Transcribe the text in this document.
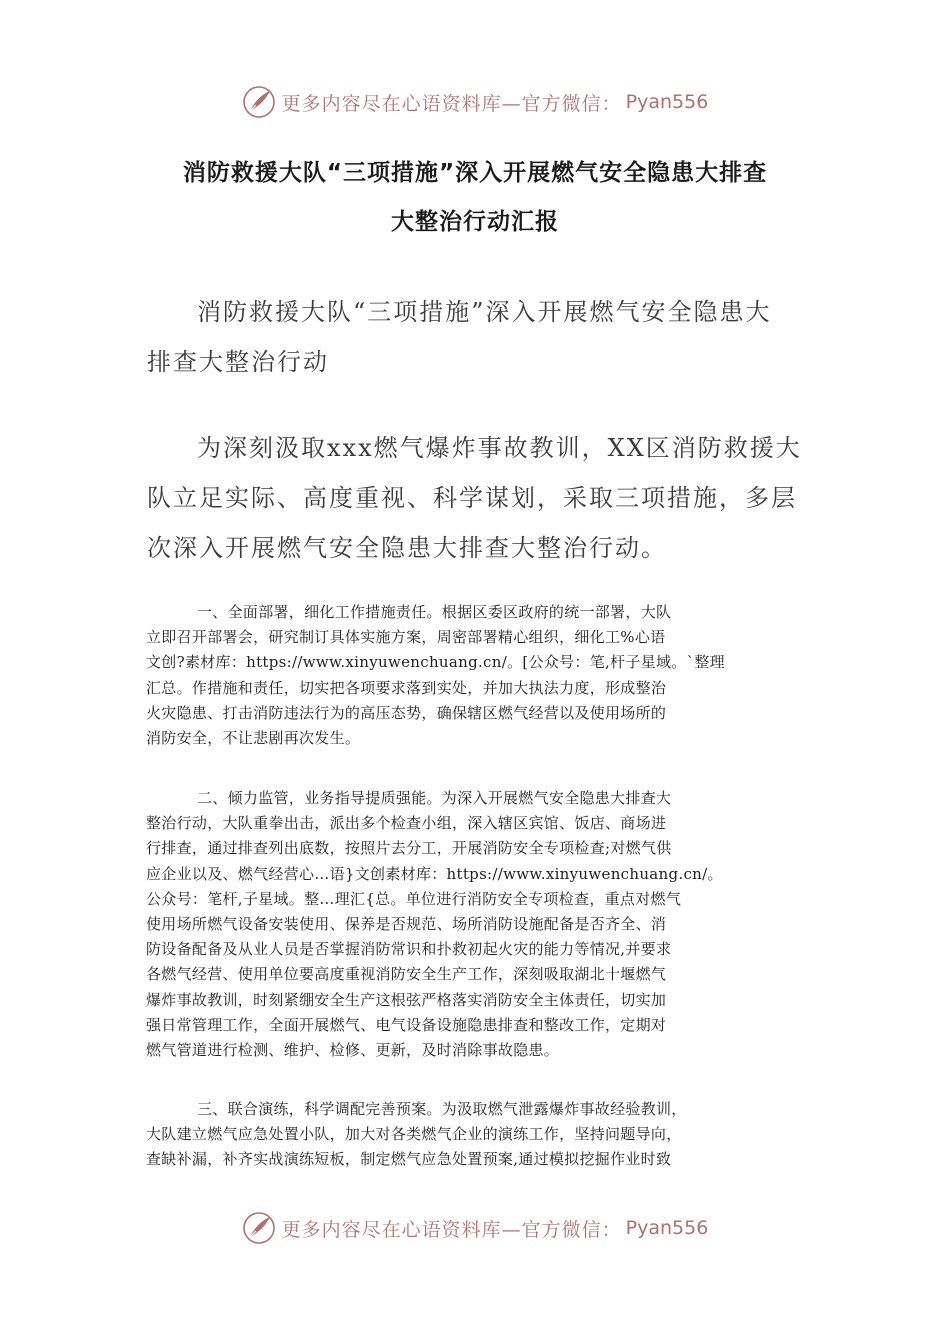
更多内容尽在心语资料库—官方微信： Pyan556
消防救援大队“三项措施”深入开展燃气安全隐患大排查
大整治行动汇报
消防救援大队“三项措施”深入开展燃气安全隐患大
排查大整治行动
为深刻汲取xxx燃气爆炸事故教训，XX区消防救援大
队立足实际、高度重视、科学谋划，采取三项措施，多层
次深入开展燃气安全隐患大排查大整治行动。
一、全面部署，细化工作措施责任。根据区委区政府的统一部署，大队
立即召开部署会，研究制订具体实施方案，周密部署精心组织，细化工%心语
文创?素材库：https://www.xinyuwenchuang.cn/。[公众号：笔,杆子星域。`整理
汇总。作措施和责任，切实把各项要求落到实处，并加大执法力度，形成整治
火灾隐患、打击消防违法行为的高压态势，确保辖区燃气经营以及使用场所的
消防安全，不让悲剧再次发生。
二、倾力监管，业务指导提质强能。为深入开展燃气安全隐患大排查大
整治行动，大队重拳出击，派出多个检查小组，深入辖区宾馆、饭店、商场进
行排查，通过排查列出底数，按照片去分工，开展消防安全专项检查;对燃气供
应企业以及、燃气经营心…语}文创素材库：https://www.xinyuwenchuang.cn/。
公众号：笔杆,子星域。整…理汇{总。单位进行消防安全专项检查，重点对燃气
使用场所燃气设备安装使用、保养是否规范、场所消防设施配备是否齐全、消
防设备配备及从业人员是否掌握消防常识和扑救初起火灾的能力等情况,并要求
各燃气经营、使用单位要高度重视消防安全生产工作，深刻吸取湖北十堰燃气
爆炸事故教训，时刻紧绷安全生产这根弦严格落实消防安全主体责任，切实加
强日常管理工作，全面开展燃气、电气设备设施隐患排查和整改工作，定期对
燃气管道进行检测、维护、检修、更新，及时消除事故隐患。
三、联合演练，科学调配完善预案。为汲取燃气泄露爆炸事故经验教训，
大队建立燃气应急处置小队，加大对各类燃气企业的演练工作，坚持问题导向，
查缺补漏，补齐实战演练短板，制定燃气应急处置预案,通过模拟挖掘作业时致
更多内容尽在心语资料库—官方微信： Pyan556
